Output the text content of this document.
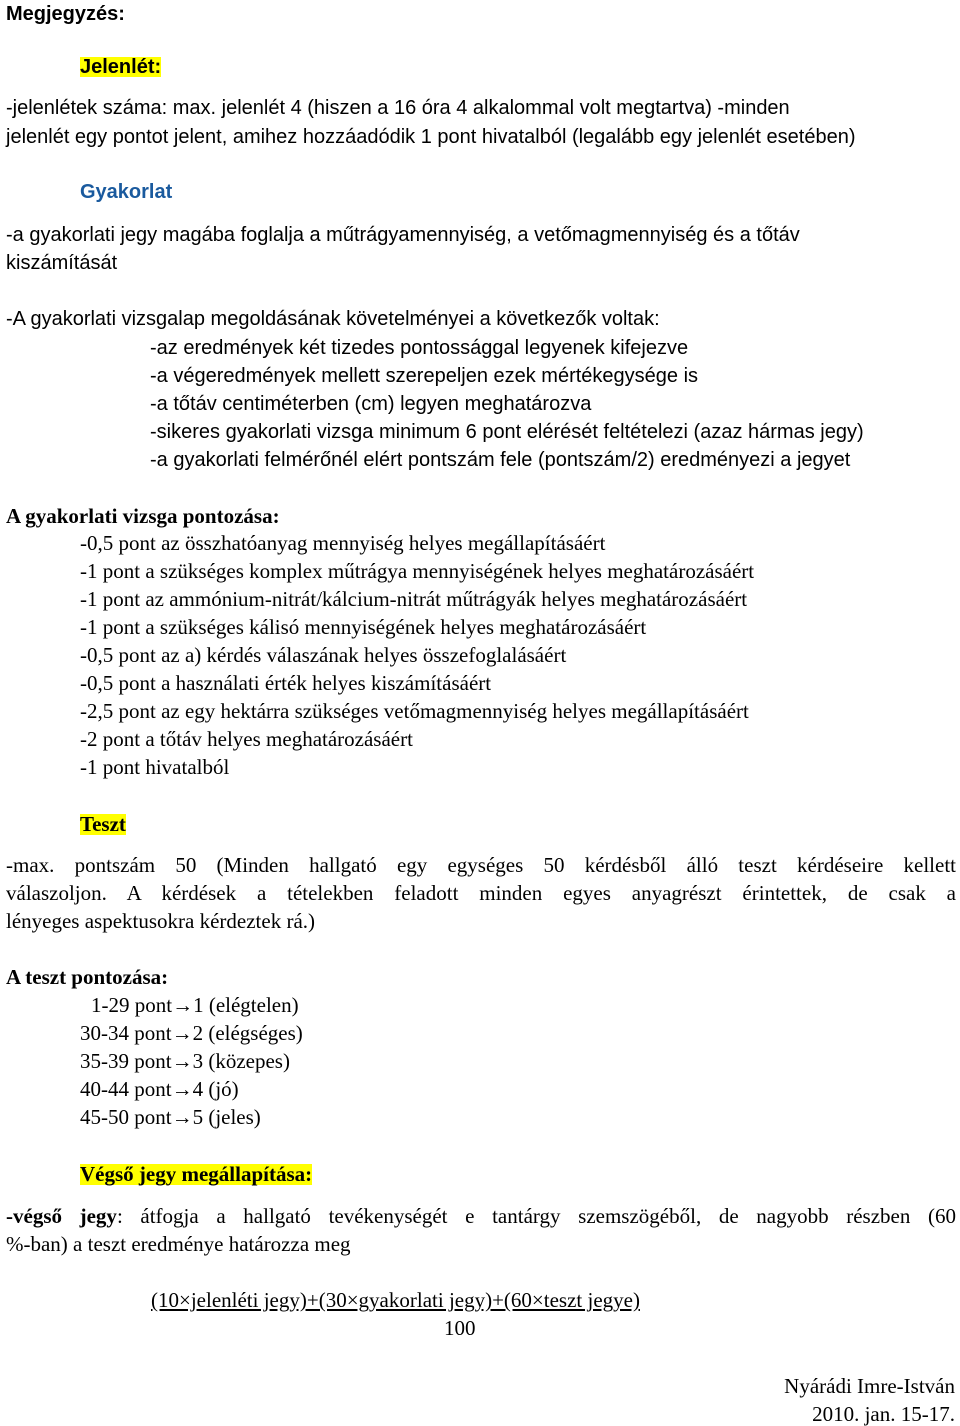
Megjegyzés:
Jelenlét:
-jelenlétek száma: max. jelenlét 4 (hiszen a 16 óra 4 alkalommal volt megtartva) -minden
jelenlét egy pontot jelent, amihez hozzáadódik 1 pont hivatalból (legalább egy jelenlét esetében)
Gyakorlat
-a gyakorlati jegy magába foglalja a műtrágyamennyiség, a vetőmagmennyiség és a tőtáv
kiszámítását
-A gyakorlati vizsgalap megoldásának követelményei a következők voltak:
-az eredmények két tizedes pontossággal legyenek kifejezve
-a végeredmények mellett szerepeljen ezek mértékegysége is
-a tőtáv centiméterben (cm) legyen meghatározva
-sikeres gyakorlati vizsga minimum 6 pont elérését feltételezi (azaz hármas jegy)
-a gyakorlati felmérőnél elért pontszám fele (pontszám/2) eredményezi a jegyet
A gyakorlati vizsga pontozása:
-0,5 pont az összhatóanyag mennyiség helyes megállapításáért
-1 pont a szükséges komplex műtrágya mennyiségének helyes meghatározásáért
-1 pont az ammónium-nitrát/kálcium-nitrát műtrágyák helyes meghatározásáért
-1 pont a szükséges kálisó mennyiségének helyes meghatározásáért
-0,5 pont az a) kérdés válaszának helyes összefoglalásáért
-0,5 pont a használati érték helyes kiszámításáért
-2,5 pont az egy hektárra szükséges vetőmagmennyiség helyes megállapításáért
-2 pont a tőtáv helyes meghatározásáért
-1 pont hivatalból
Teszt
-max. pontszám 50 (Minden hallgató egy egységes 50 kérdésből álló teszt kérdéseire kellett
válaszoljon. A kérdések a tételekben feladott minden egyes anyagrészt érintettek, de csak a
lényeges aspektusokra kérdeztek rá.)
A teszt pontozása:
1-29 pont→1 (elégtelen)
30-34 pont→2 (elégséges)
35-39 pont→3 (közepes)
40-44 pont→4 (jó)
45-50 pont→5 (jeles)
Végső jegy megállapítása:
-végső jegy: átfogja a hallgató tevékenységét e tantárgy szemszögéből, de nagyobb részben (60
%-ban) a teszt eredménye határozza meg
(10×jelenléti jegy)+(30×gyakorlati jegy)+(60×teszt jegye)
100
Nyárádi Imre-István
2010. jan. 15-17.
